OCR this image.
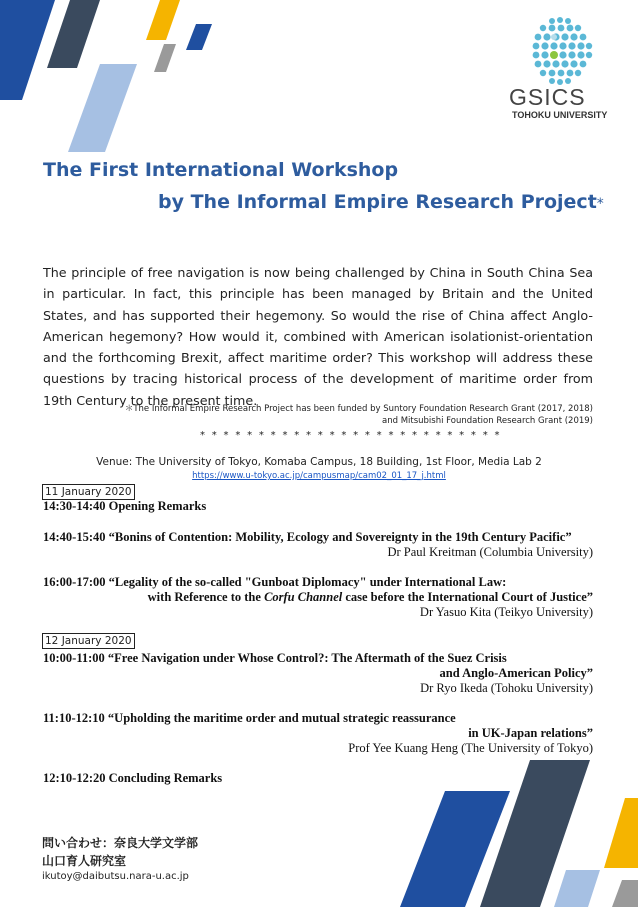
GSICS
TOHOKU UNIVERSITY
The First International Workshop
by The Informal Empire Research Project*
The principle of free navigation is now being challenged by China in South China Sea in particular. In fact, this principle has been managed by Britain and the United States, and has supported their hegemony. So would the rise of China affect Anglo-American hegemony? How would it, combined with American isolationist-orientation and the forthcoming Brexit, affect maritime order? This workshop will address these questions by tracing historical process of the development of maritime order from 19th Century to the present time.
＊The Informal Empire Research Project has been funded by Suntory Foundation Research Grant (2017, 2018)
and Mitsubishi Foundation Research Grant (2019)
* * * * * * * * * * * * * * * * * * * * * * * * * *
Venue: The University of Tokyo, Komaba Campus, 18 Building, 1st Floor, Media Lab 2
https://www.u-tokyo.ac.jp/campusmap/cam02_01_17_j.html
11 January 2020
14:30-14:40 Opening Remarks
14:40-15:40 “Bonins of Contention: Mobility, Ecology and Sovereignty in the 19th Century Pacific”
Dr Paul Kreitman (Columbia University)
16:00-17:00 “Legality of the so-called "Gunboat Diplomacy" under International Law:
with Reference to the Corfu Channel case before the International Court of Justice”
Dr Yasuo Kita (Teikyo University)
12 January 2020
10:00-11:00 “Free Navigation under Whose Control?: The Aftermath of the Suez Crisis
and Anglo-American Policy”
Dr Ryo Ikeda (Tohoku University)
11:10-12:10 “Upholding the maritime order and mutual strategic reassurance
in UK-Japan relations”
Prof Yee Kuang Heng (The University of Tokyo)
12:10-12:20 Concluding Remarks
問い合わせ：奈良大学文学部
山口育人研究室
ikutoy@daibutsu.nara-u.ac.jp
